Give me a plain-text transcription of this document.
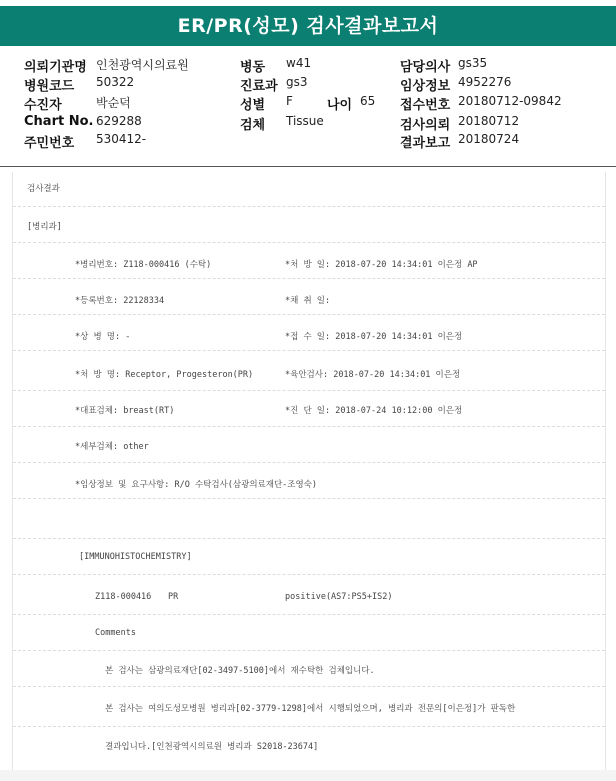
ER/PR(성모) 검사결과보고서
의뢰기관명 인천광역시의료원	병동 w41	담당의사 gs35
병원코드 50322	진료과 gs3	임상정보 4952276
수진자	박순덕	성별 F	나이 65 접수번호 20180712-09842
Chart No. 629288	검체 Tissue	검사의뢰 20180712
주민번호 530412-	결과보고 20180724
검사결과
[병리과]
*병리번호: Z118-000416 (수탁)	*처 방 일: 2018-07-20 14:34:01 이은정 AP
*등록번호: 22128334	*채 취 일:
*상 병 명: -	*접 수 일: 2018-07-20 14:34:01 이은정
*처 방 명: Receptor, Progesteron(PR)	*육안검사: 2018-07-20 14:34:01 이은정
*대표검체: breast(RT)	*진 단 일: 2018-07-24 10:12:00 이은정
*세부검체: other
*임상정보 및 요구사항: R/O 수탁검사(삼광의료재단-조영숙)
[IMMUNOHISTOCHEMISTRY]
Z118-000416 PR	positive(AS7:PS5+IS2)
Comments
본 검사는 삼광의료재단[02-3497-5100]에서 재수탁한 검체입니다.
본 검사는 여의도성모병원 병리과[02-3779-1298]에서 시행되었으며, 병리과 전문의[이은정]가 판독한
결과입니다.[인천광역시의료원 병리과 S2018-23674]
